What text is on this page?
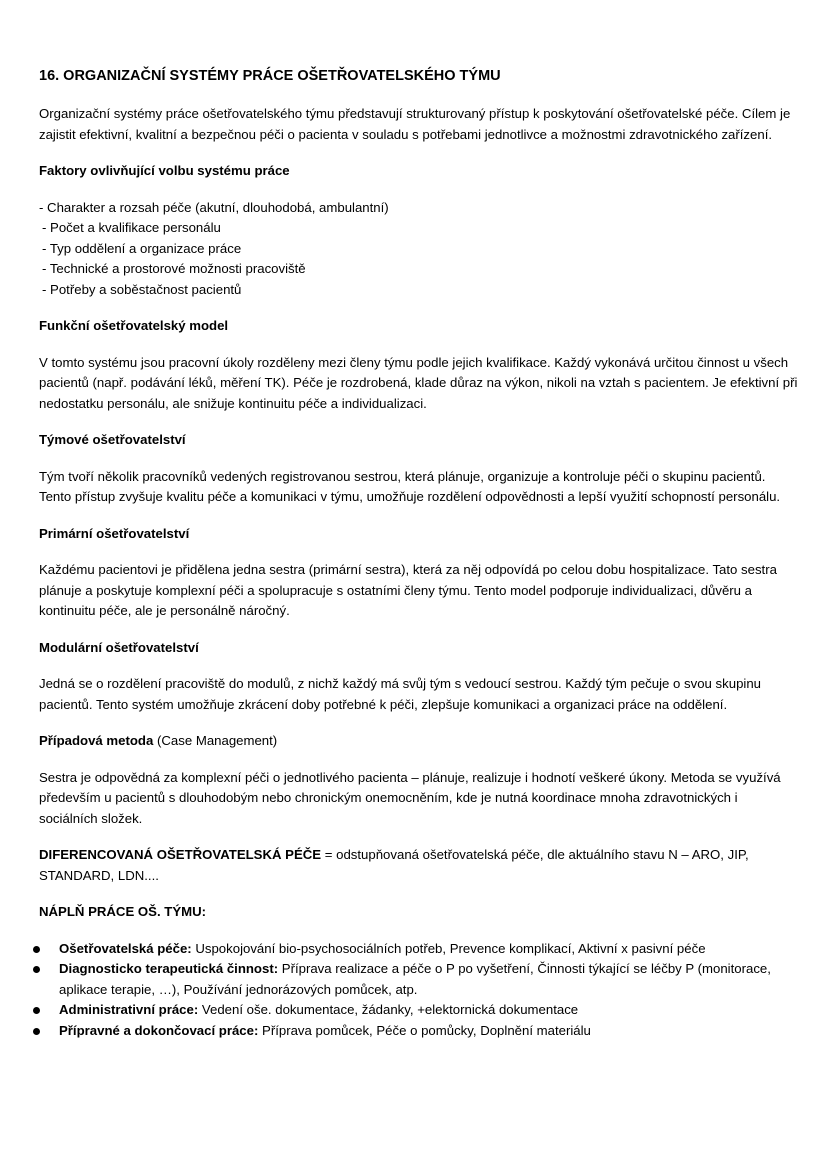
16. ORGANIZAČNÍ SYSTÉMY PRÁCE OŠETŘOVATELSKÉHO TÝMU

Organizační systémy práce ošetřovatelského týmu představují strukturovaný přístup k poskytování ošetřovatelské péče. Cílem je zajistit efektivní, kvalitní a bezpečnou péči o pacienta v souladu s potřebami jednotlivce a možnostmi zdravotnického zařízení.

Faktory ovlivňující volbu systému práce
- Charakter a rozsah péče (akutní, dlouhodobá, ambulantní)
- Počet a kvalifikace personálu
- Typ oddělení a organizace práce
- Technické a prostorové možnosti pracoviště
- Potřeby a soběstačnost pacientů
Funkční ošetřovatelský model

V tomto systému jsou pracovní úkoly rozděleny mezi členy týmu podle jejich kvalifikace. Každý vykonává určitou činnost u všech pacientů (např. podávání léků, měření TK). Péče je rozdrobená, klade důraz na výkon, nikoli na vztah s pacientem. Je efektivní při nedostatku personálu, ale snižuje kontinuitu péče a individualizaci.

Týmové ošetřovatelství

Tým tvoří několik pracovníků vedených registrovanou sestrou, která plánuje, organizuje a kontroluje péči o skupinu pacientů. Tento přístup zvyšuje kvalitu péče a komunikaci v týmu, umožňuje rozdělení odpovědnosti a lepší využití schopností personálu.

Primární ošetřovatelství

Každému pacientovi je přidělena jedna sestra (primární sestra), která za něj odpovídá po celou dobu hospitalizace. Tato sestra plánuje a poskytuje komplexní péči a spolupracuje s ostatními členy týmu. Tento model podporuje individualizaci, důvěru a kontinuitu péče, ale je personálně náročný.

Modulární ošetřovatelství

Jedná se o rozdělení pracoviště do modulů, z nichž každý má svůj tým s vedoucí sestrou. Každý tým pečuje o svou skupinu pacientů. Tento systém umožňuje zkrácení doby potřebné k péči, zlepšuje komunikaci a organizaci práce na oddělení.

Případová metoda (Case Management)

Sestra je odpovědná za komplexní péči o jednotlivého pacienta – plánuje, realizuje i hodnotí veškeré úkony. Metoda se využívá především u pacientů s dlouhodobým nebo chronickým onemocněním, kde je nutná koordinace mnoha zdravotnických i sociálních složek.

DIFERENCOVANÁ OŠETŘOVATELSKÁ PÉČE = odstupňovaná ošetřovatelská péče, dle aktuálního stavu N – ARO, JIP, STANDARD, LDN....

NÁPLŇ PRÁCE OŠ. TÝMU:
Ošetřovatelská péče: Uspokojování bio-psychosociálních potřeb, Prevence komplikací, Aktivní x pasivní péče
Diagnosticko terapeutická činnost: Příprava realizace a péče o P po vyšetření, Činnosti týkající se léčby P (monitorace, aplikace terapie, …), Používání jednorázových pomůcek, atp.
Administrativní práce: Vedení oše. dokumentace, žádanky, +elektornická dokumentace
Přípravné a dokončovací práce: Příprava pomůcek, Péče o pomůcky, Doplnění materiálu
